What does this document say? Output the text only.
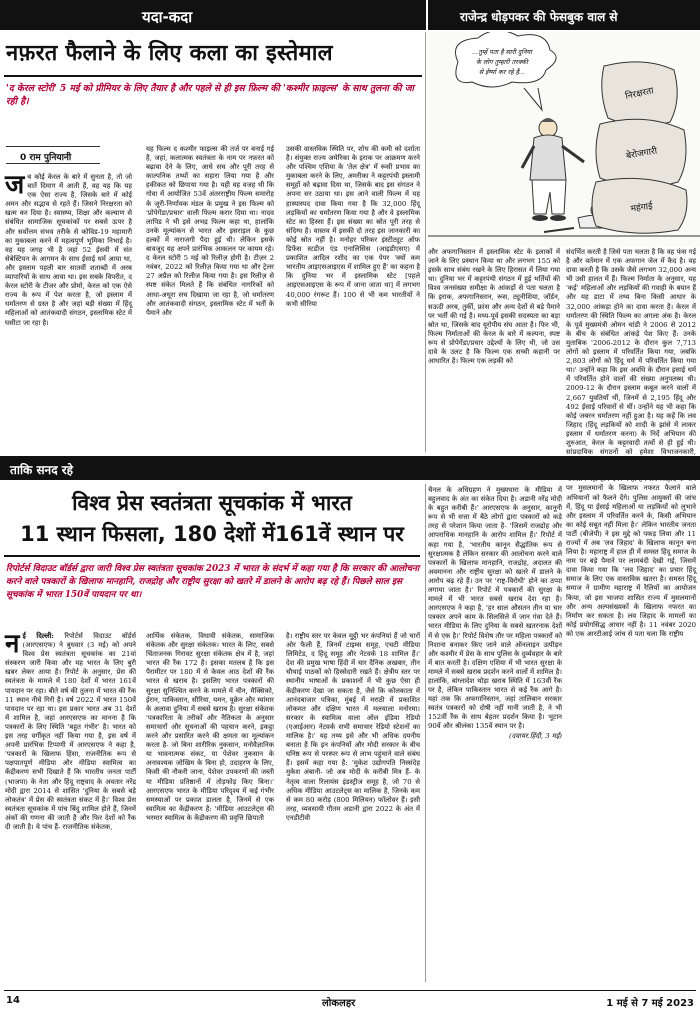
यदा-कदा	राजेन्द्र धोड़पकर की फेसबुक वाल से
नफ़रत फैलाने के लिए कला का इस्तेमाल
'द केरल स्टोरी' 5 मई को प्रीमियर के लिए तैयार है और पहले से ही इस फ़िल्म की 'कश्मीर फ़ाइल्स' के साथ तुलना की जा रही है।
0 राम पुनियानी
ज ब कोई केरल के बारे में सुनता है, तो जो बातें दिमाग में आती हैं, वह यह कि यह एक ऐसा राज्य है, जिसके बारे में कोई अमन और सद्भाव से रहते हैं। जिसने निरक्षरता को खत्म कर दिया है। स्वास्थ्य, शिक्षा और कल्याण से संबंधित सामाजिक सूचकांकों पर सबसे ऊपर है और सर्वोत्तम संभव तरीके से कोविड-19 महामारी का मुकाबला करने में महत्वपूर्ण भूमिका निभाई है। वह यह जगह भी है जहां 52 ईसवी में संत सेबेस्टियन के आगमन के साथ ईसाई धर्म आया था, और इस्लाम पहली बार सातवीं शताब्दी में अरब व्यापारियों के साथ आया था। इस सबके विपरीत, द केरल स्टोरी के टीजर और प्रोमो, केरल को एक ऐसे राज्य के रूप में पेश करता है, जो इस्लाम में धर्मांतरण से ग्रस्त है और जहां बड़ी संख्या में हिंदू महिलाओं को आतंकवादी संगठन, इस्लामिक स्टेट में घसीटा जा रहा है।

यह फिल्म द कश्मीर फाइल्स की तर्ज पर बनाई गई है, जहां, कलात्मक स्वतंत्रता के नाम पर नफ़रत को बढ़ावा देने के लिए, आधे सच और पूरी तरह से काल्पनिक तथ्यों का सहारा लिया गया है और हकीकत को छिपाया गया है। यही वह वजह थी कि गोवा में आयोजित 53वें अंतरराष्ट्रीय फिल्म समारोह के जूरी-निर्णायक मंडल के प्रमुख ने इस फिल्म को 'प्रोपेगेंडा/प्रचार' वाली फिल्म करार दिया था। नादव लापिड ने भी इसे अभद्र फिल्म कहा था, हालांकि उनके मूल्यांकन से भारत और इसराइल के कुछ हल्कों में नाराजगी पैदा हुई थी। लेकिन इसके बावजूद यह अपने प्रारंभिक आकलन पर कायम रहे। द केरल स्टोरी 5 मई को रिलीज़ होगी है। टीज़र 2 नवंबर, 2022 को रिलीज़ किया गया था और ट्रेलर 27 अप्रैल को रिलीज किया गया है। इस रिलीज़ से स्पष्ट संकेत मिलते हैं कि संबंधित नागरिकों को आधा-अधूरा सच दिखाया जा रहा है, जो धर्मांतरण और आतंकवादी संगठन, इस्लामिक स्टेट में भर्ती के पैमाने और

उसकी वास्तविक स्थिति पर, शोध की कमी को दर्शाता है। संयुक्त राज्य अमेरिका के इराक पर आक्रमण करने और पश्चिम एशिया के 'तेल क्षेत्र' में रूसी प्रभाव का मुकाबला करने के लिए, अमरीका ने कट्टरपंथी इस्लामी समूहों को बढ़ावा दिया था, जिसके बाद इस संगठन ने अपना सर उठाया था। इस आने वाली फिल्म में यह हास्यास्पद दावा किया गया है कि 32,000 हिंदू लड़कियों का धर्मांतरण किया गया है और वे इस्लामिक स्टेट का हिस्सा हैं। इस संख्या का स्रोत पूरी तरह से संदिग्ध है। वास्तव में इसकी दो तरह इस जानकारी का कोई स्रोत नहीं है। मनोहर परिकर इंस्टीट्यूट ऑफ डिफेंस स्टडीज एंड एनालिसिस (आइडीएसए) में प्रकाशित आदिल रशीद का एक पेपर 'क्यों कम भारतीय आइएसआइएस में शामिल हुए हैं' का कहना है कि दुनिया भर में इस्लामिक स्टेट [पहले आइएसआइएस के रूप में जाना जाता था] में लगभग 40,000 रंगरूट हैं। 100 से भी कम भारतीयों ने कभी सीरिया

और अफगानिस्तान में इस्लामिक स्टेट के इलाकों में जाने के लिए प्रस्थान किया था और लगभग 155 को इसके साथ संबंध रखने के लिए हिरासत में लिया गया था। दुनिया भर में कट्टरपंथी संगठन में हुई भर्तियों की विश्व जनसंख्या समीक्षा के आंकड़ों से पता चलता है कि इराक, अफगानिस्तान, रूस, ट्यूनीशिया, जॉर्डन, सऊदी अरब, तुर्की, फ्रांस और अन्य देशों से बड़े पैमाने पर भर्ती की गई है। मध्य-पूर्व इसकी सदस्यता का बड़ा स्रोत था, जिसके बाद यूरोपीय संघ आता है। फिर भी, फिल्म निर्माताओं की केरल के बारे में कल्पना, स्पष्ट रूप से प्रोपेगेंडा/प्रचार उद्देश्यों के लिए थी, जो उस दावे के उलट है कि फिल्म एक सच्ची कहानी पर आधारित है। फिल्म एक लड़की को

संदर्भित करती है जिसे पता चलता है कि वह फंस गई है और वर्तमान में एक अफगान जेल में कैद है। वह दावा करती है कि उसके जैसे लगभग 32,000 अन्य भी उसी हालत में हैं। फिल्म निर्माता के अनुसार, यह 'कई' महिलाओं और लड़कियों की गवाही के बयान हैं और यह डाटा में तथ्य बिना किसी आधार के 32,000 आंकड़ा होने का दावा करता है। केरल में धर्मांतरण की स्थिति फिल्म का अगला अंक है। केरल के पूर्व मुख्यमंत्री ओमन चांडी ने 2006 से 2012 के बीच के संबंधित आंकड़े पेश किए हैं: उनके मुताबिक '2006-2012 के दौरान कुल 7,713 लोगों को इस्लाम में परिवर्तित किया गया, जबकि 2,803 लोगों को हिंदू धर्म में परिवर्तित किया गया था।' उन्होंने कहा कि इस अवधि के दौरान इसाई धर्म में परिवर्तित होने वालों की संख्या अनुपलब्ध थी। 2009-12 के दौरान इस्लाम कबूल करने वालों में 2,667 युवतियाँ थीं, जिनमें से 2,195 हिंदू और 492 ईसाई परिवारों से थीं। उन्होंने यह भी कहा कि कोई जबरन धर्मांतरण नहीं हुआ है। यह कहें कि लव जिहाद (हिंदू लड़कियों को शादी के झांसे में लाकर इस्लाम में धर्मांतरण करना) के निर्दे अभियान की शुरुआत, केरल के कट्टरवादी तत्वों से ही हुई थी। सांप्रदायिक संगठनों को हमेशा विभाजनकारी, पर मुसलमानों के खिलाफ नफरत फैलाने वाले अभियानों को फैलने देंगे। पुलिस आयुक्तों की जांच में, हिंदू या ईसाई महिलाओं या लड़कियों को लुभाने और इस्लाम में परिवर्तित करने के, किसी अभियान का कोई सबूत नहीं मिला है।' लेकिन भारतीय जनता पार्टी (बीजेपी) ने इस मुद्दे को पकड़ लिया और 11 राज्यों में अब 'लव जिहाद' के खिलाफ कानून बना लिया है। महाराष्ट्र में हाल ही में समस्त हिंदू समाज के नाम पर बड़े पैमाने पर लामबंदी देखी गई, जिसमें दावा किया गया कि 'लव जिहाद' का प्रचार हिंदू समाज के लिए एक वास्तविक खतरा है। समस्त हिंदू समाज ने ग्रामीण महाराष्ट्र में रैलियों का आयोजन किया, जो इस भाजपा शासित राज्य में मुसलमानों और अन्य अल्पसंख्यकों के खिलाफ नफरत का निर्माण कर सकता है। लव जिहाद के मामलों का कोई प्रयोगसिद्ध आधार नहीं है। 11 नवंबर 2020 को एक आरटीआई जांच से पता चला कि राष्ट्रीय

...तुम्हें पता है सारी दुनिया
के लोग तुम्हारी तरक्की
से ईर्ष्या कर रहे हैं...
निरक्षरता
बेरोजगारी
महंगाई
ताकि सनद रहे
विश्व प्रेस स्वतंत्रता सूचकांक में भारत
11 स्थान फिसला, 180 देशों में161वें स्थान पर
रिपोर्टर्स विदाउट बॉर्डर्स द्वारा जारी विश्व प्रेस स्वतंत्रता सूचकांक 2023 में भारत के संदर्भ में कहा गया है कि सरकार की आलोचना करने वाले पत्रकारों के खिलाफ मानहानि, राजद्रोह और राष्ट्रीय सुरक्षा को खतरे में डालने के आरोप बढ़ रहे हैं। पिछले साल इस सूचकांक में भारत 150वें पायदान पर था।
न ई दिल्ली: रिपोर्टर्स विदाउट बॉर्डर्स (आरएसएफ) ने बुधवार (3 मई) को अपने विश्व प्रेस स्वतंत्रता सूचकांक का 21वां संस्करण जारी किया और यह भारत के लिए बुरी खबर लेकर आया है। रिपोर्ट के अनुसार, प्रेस की स्वतंत्रता के मामले में 180 देशों में भारत 161वें पायदान पर रहा। बीते वर्ष की तुलना में भारत की रैंक 11 स्थान नीचे गिरी है। वर्ष 2022 में भारत 150वें पायदान पर रहा था। इस प्रकार भारत अब 31 देशों में शामिल है, जहां आरएसएफ का मानना है कि पत्रकारों के लिए स्थिति 'बहुत गंभीर' है। भारत को इस तरह वर्गीकृत नहीं किया गया है, इस वर्ष में अपनी प्रारंभिक टिप्पणी में आरएसएफ ने कहा है, 'पत्रकारों के खिलाफ हिंसा, राजनीतिक रूप से पक्षपातपूर्ण मीडिया और मीडिया स्वामित्व का केंद्रीकरण सभी दिखाते हैं कि भारतीय जनता पार्टी (भाजपा) के नेता और हिंदू राष्ट्रवाद के अवतार नरेंद्र मोदी द्वारा 2014 से शासित 'दुनिया के सबसे बड़े लोकतंत्र' में प्रेस की स्वतंत्रता संकट में है।' विश्व प्रेस स्वतंत्रता सूचकांक में पांच बिंदु शामिल होते हैं, जिनमें अंकों की गणना की जाती है और फिर देशों को रैंक दी जाती है। ये पांच हैं- राजनीतिक संकेतक,

आर्थिक संकेतक, विधायी संकेतक, सामाजिक संकेतक और सुरक्षा संकेतक। भारत के लिए, सबसे चिंताजनक गिरावट सुरक्षा संकेतक क्षेत्र में है, जहां भारत की रैंक 172 है। इसका मतलब है कि इस पैरामीटर पर 180 में से केवल आठ देशों की रैंक भारत से खराब है। इसलिए भारत पत्रकारों की सुरक्षा सुनिश्चित करने के मामले में चीन, मैक्सिको, ईरान, पाकिस्तान, सीरिया, यमन, यूक्रेन और म्यांमार के अलावा दुनिया में सबसे खराब है। सुरक्षा संकेतक 'पत्रकारिता के तरीकों और नैतिकता के अनुसार समाचारों और सूचनाओं की पहचान करने, इकट्ठा करने और प्रसारित करने की क्षमता का मूल्यांकन करता है- जो बिना शारीरिक नुकसान, मनोवैज्ञानिक या भावनात्मक संकट, या पेशेवर नुकसान के अनावश्यक जोखिम के बिना हो, उदाहरण के लिए, किसी की नौकरी जाना, पेशेवर उपकरणों की जब्ती या मीडिया प्रतिष्ठानों में तोड़फोड़ किए बिना।' आरएसएफ भारत के मीडिया परिदृश्य में कई गंभीर समस्याओं पर प्रकाश डालता है, जिनमें से एक स्वामित्व का केंद्रीकरण है: 'मीडिया आउटलेट्स की भरमार स्वामित्व के केंद्रीकरण की प्रवृत्ति छिपाती

है। राष्ट्रीय स्तर पर केवल मुट्ठी भर कंपनियां हैं जो चारों ओर फैली हैं, जिनमें टाइम्स समूह, एचटी मीडिया लिमिटेड, द हिंदू समूह और नेटवर्क 18 शामिल हैं।' देश की प्रमुख भाषा हिंदी में चार दैनिक अखबार, तीन चौथाई पाठकों को हिस्सेदारी रखते हैं। क्षेत्रीय स्तर पर स्थानीय भाषाओं के प्रकाशनों में भी कुछ ऐसा ही केंद्रीकरण देखा जा सकता है, जैसे कि कोलकाता में आनंदबाजार पत्रिका, मुंबई में मराठी में प्रकाशित लोकमत और दक्षिण भारत में मलयाला मनोरमा। सरकार के स्वामित्व वाला ऑल इंडिया रेडियो (एआईआर) नेटवर्क सभी समाचार रेडियो स्टेशनों का मालिक है।' यह तथ्य इसे और भी अधिक दयनीय बनाता है कि इन कंपनियों और मोदी सरकार के बीच घनिष्ठ रूप से परस्पर रूप से लाभ पहुंचाने वाले संबंध हैं। इसमें कहा गया है: 'मुकेश उद्योगपति निस्संदेह मुकेश अंबानी- जो अब मोदी के करीबी मित्र हैं- के नेतृत्व वाला रिलायंस इंडस्ट्रीज समूह है, जो 70 से अधिक मीडिया आउटलेट्स का मालिक है, जिनके कम से कम 80 करोड़ (800 मिलियन) फॉलोवर हैं। इसी तरह, व्यवसायी गौतम अडानी द्वारा 2022 के अंत में एनडीटीवी

चैनल के अधिग्रहण ने मुख्यधारा के मीडिया में बहुलवाद के अंत का संकेत दिया है। अडानी नरेंद्र मोदी के बहुत करीबी हैं।' आरएसएफ के अनुसार, कानूनी रूप से भी सत्ता में बैठे लोगों द्वारा पत्रकारों को कड़े तरह से परेशान किया जाता है- 'जिसमें राजद्रोह और आपराधिक मानहानि के आरोप शामिल हैं।' रिपोर्ट में कहा गया है, 'भारतीय कानून सैद्धांतिक रूप से सुरक्षात्मक है लेकिन सरकार की आलोचना करने वाले पत्रकारों के खिलाफ मानहानि, राजद्रोह, अदालत की अवमानना और राष्ट्रीय सुरक्षा को खतरे में डालने के आरोप बढ़ रहे हैं। उन पर 'राष्ट्र-विरोधी' होने का ठप्पा लगाया जाता है।' रिपोर्ट में पत्रकारों की सुरक्षा के मामले में भी भारत सबसे खराब देश रहा है। आरएसएफ ने कहा है, 'हर साल औसतन तीन या चार पत्रकार अपने काम के सिलसिले में जान गंवा देते हैं। भारत मीडिया के लिए दुनिया के सबसे खतरनाक देशों में से एक है।' रिपोर्ट विशेष तौर पर महिला पत्रकारों को निशाना बनाकर किए जाने वाले ऑनलाइन उत्पीड़न और कश्मीर में प्रेस के साथ पुलिस के दुर्व्यवहार के बारे में बात करती है। दक्षिण एशिया में भी भारत सुरक्षा के मामले में सबसे खराब प्रदर्शन करने वालों में शामिल है। हालांकि, बांग्लादेश थोड़ा खराब स्थिति में 163वीं रैंक पर है, लेकिन पाकिस्तान भारत से कई रैंक आगे है। यहां तक कि अफगानिस्तान, जहां तालिबान सरकार स्वतंत्र पत्रकारों को दोषी नहीं मानी जाती है, ने भी 152वीं रैंक के साथ बेहतर प्रदर्शन किया है। भूटान 90वें और श्रीलंका 135वें स्थान पर है।

(दवायर.हिंदी, 3 मई)

14	लोकलहर	1 मई से 7 मई 2023
